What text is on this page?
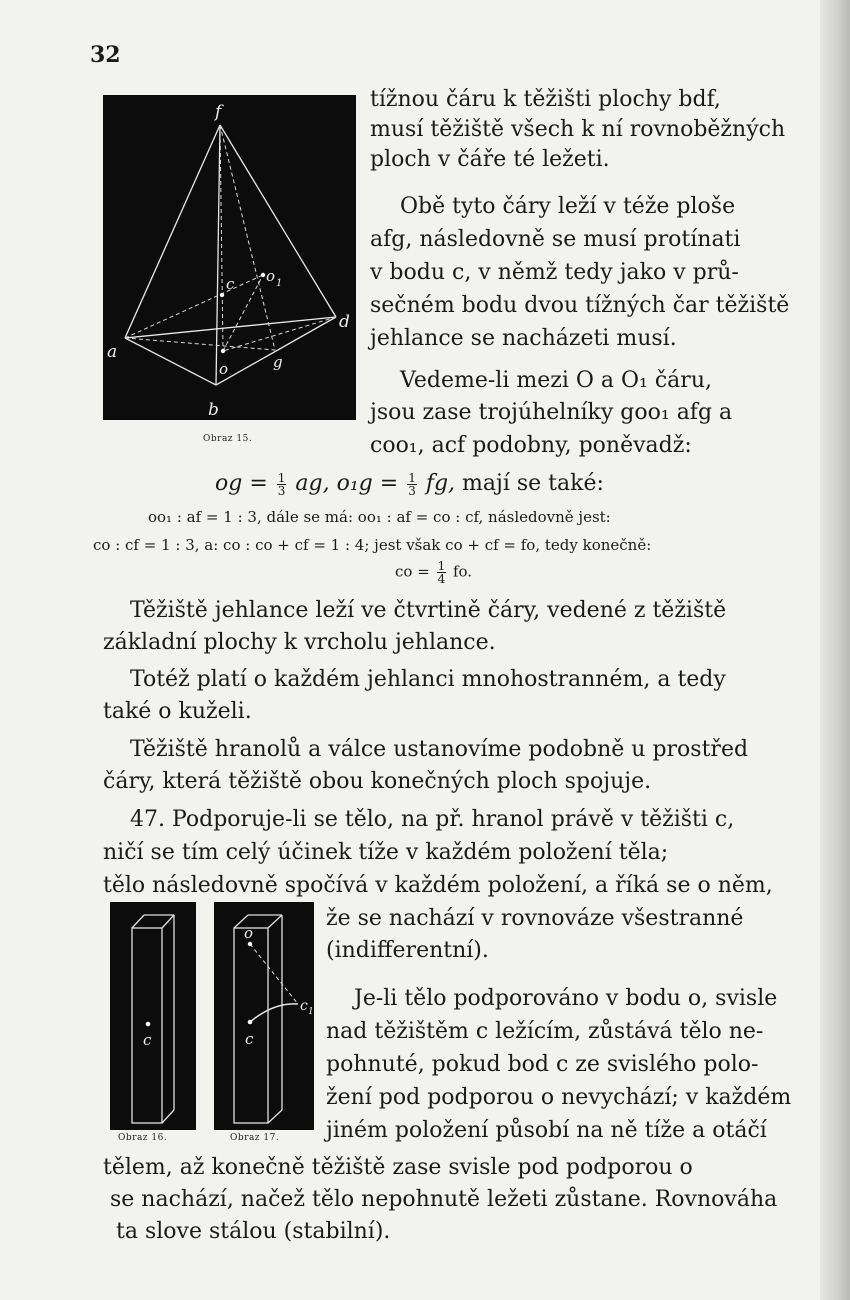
32
f
a
b
c o 1
o	g
d
Obraz 15.
tížnou čáru k těžišti plochy bdf,
musí těžiště všech k ní rovnoběžných
ploch v čáře té ležeti.
Obě tyto čáry leží v téže ploše
afg, následovně se musí protínati
v bodu c, v němž tedy jako v prů-
sečném bodu dvou tížných čar těžiště
jehlance se nacházeti musí.
Vedeme-li mezi O a O₁ čáru,
jsou zase trojúhelníky goo₁ afg a
coo₁, acf podobny, poněvadž:
og = $\frac{1}{3}$ ag, $o_1g = \frac{1}{3}$ fg, mají se také:
oo₁ : af = 1 : 3, dále se má: oo₁ : af = co : cf, následovně jest:
co : cf = 1 : 3, a: co : co + cf = 1 : 4; jest však co + cf = fo, tedy konečně:
co = $\frac{1}{4}$ fo.
Těžiště jehlance leží ve čtvrtině čáry, vedené z těžiště
základní plochy k vrcholu jehlance.
Totéž platí o každém jehlanci mnohostranném, a tedy
také o kuželi.
Těžiště hranolů a válce ustanovíme podobně u prostřed
čáry, která těžiště obou konečných ploch spojuje.
47. Podporuje-li se tělo, na př. hranol právě v těžišti c,
ničí se tím celý účinek tíže v každém položení těla;
tělo následovně spočívá v každém položení, a říká se o něm,
c
Obraz 16.
o
c 1
c
Obraz 17.
že se nachází v rovnováze všestranné
(indifferentní).
Je-li tělo podporováno v bodu o, svisle
nad těžištěm c ležícím, zůstává tělo ne-
pohnuté, pokud bod c ze svislého polo-
žení pod podporou o nevychází; v každém
jiném položení působí na ně tíže a otáčí
tělem, až konečně těžiště zase svisle pod podporou o
se nachází, načež tělo nepohnutě ležeti zůstane. Rovnováha
ta slove stálou (stabilní).
